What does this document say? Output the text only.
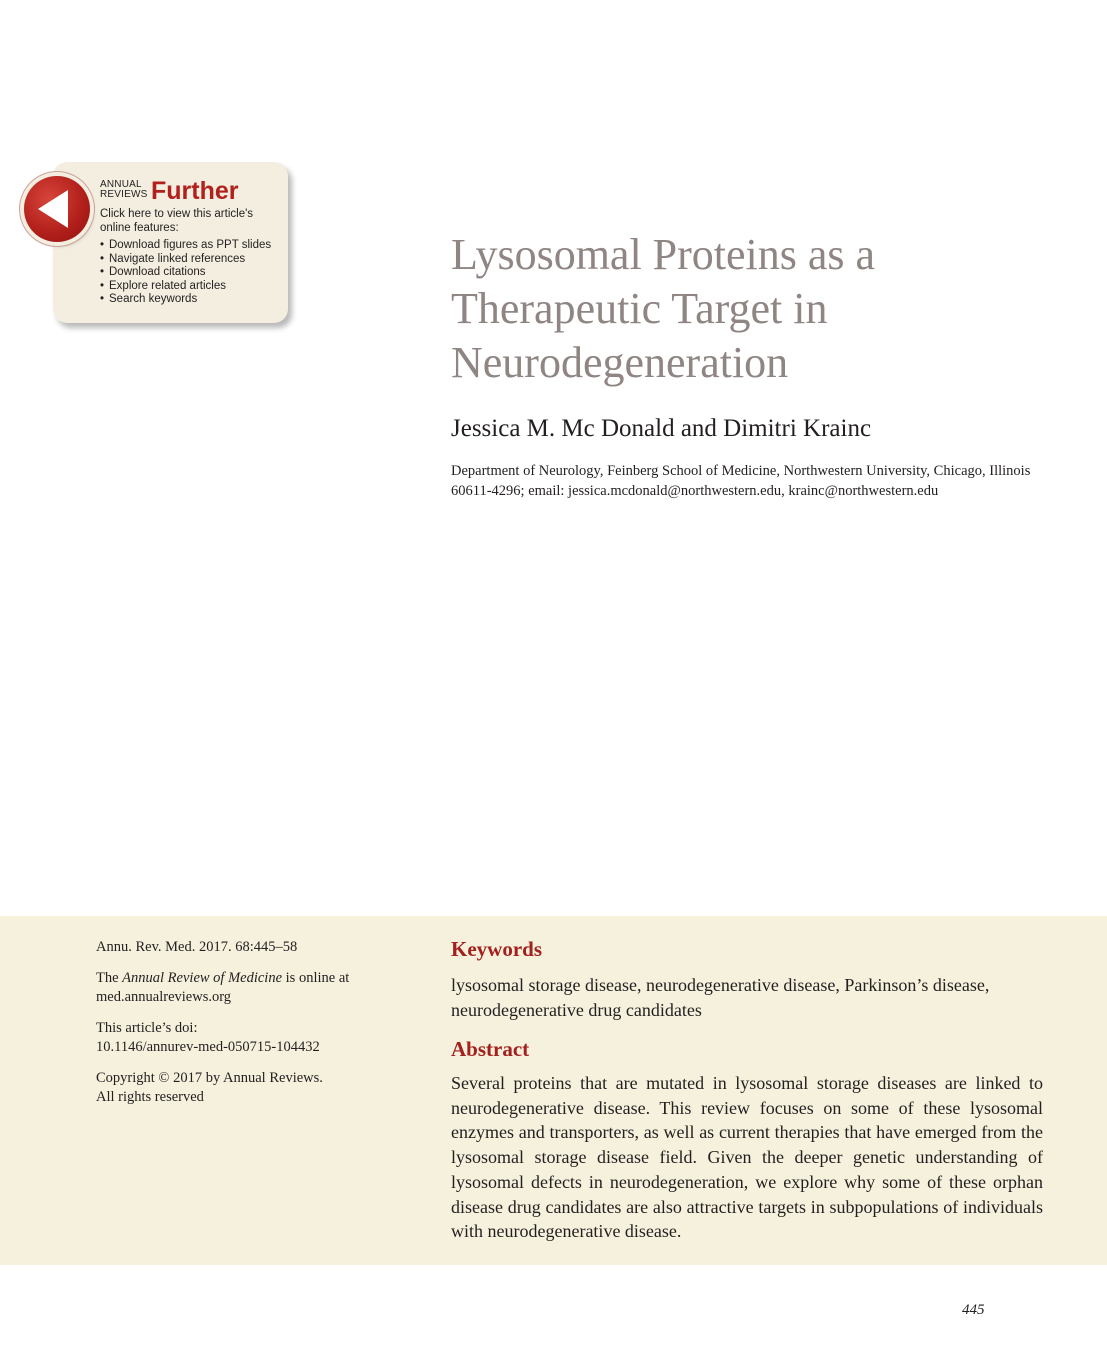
ANNUAL
REVIEWS Further
Click here to view this article's online features:
• Download figures as PPT slides
• Navigate linked references
• Download citations
• Explore related articles
• Search keywords
Lysosomal Proteins as a Therapeutic Target in Neurodegeneration
Jessica M. Mc Donald and Dimitri Krainc
Department of Neurology, Feinberg School of Medicine, Northwestern University, Chicago, Illinois 60611-4296; email: jessica.mcdonald@northwestern.edu, krainc@northwestern.edu

Annu. Rev. Med. 2017. 68:445–58

The Annual Review of Medicine is online at med.annualreviews.org

This article’s doi:
10.1146/annurev-med-050715-104432

Copyright © 2017 by Annual Reviews.
All rights reserved

Keywords

lysosomal storage disease, neurodegenerative disease, Parkinson’s disease, neurodegenerative drug candidates

Abstract

Several proteins that are mutated in lysosomal storage diseases are linked to neurodegenerative disease. This review focuses on some of these lysosomal enzymes and transporters, as well as current therapies that have emerged from the lysosomal storage disease field. Given the deeper genetic understanding of lysosomal defects in neurodegeneration, we explore why some of these orphan disease drug candidates are also attractive targets in subpopulations of individuals with neurodegenerative disease.

445
